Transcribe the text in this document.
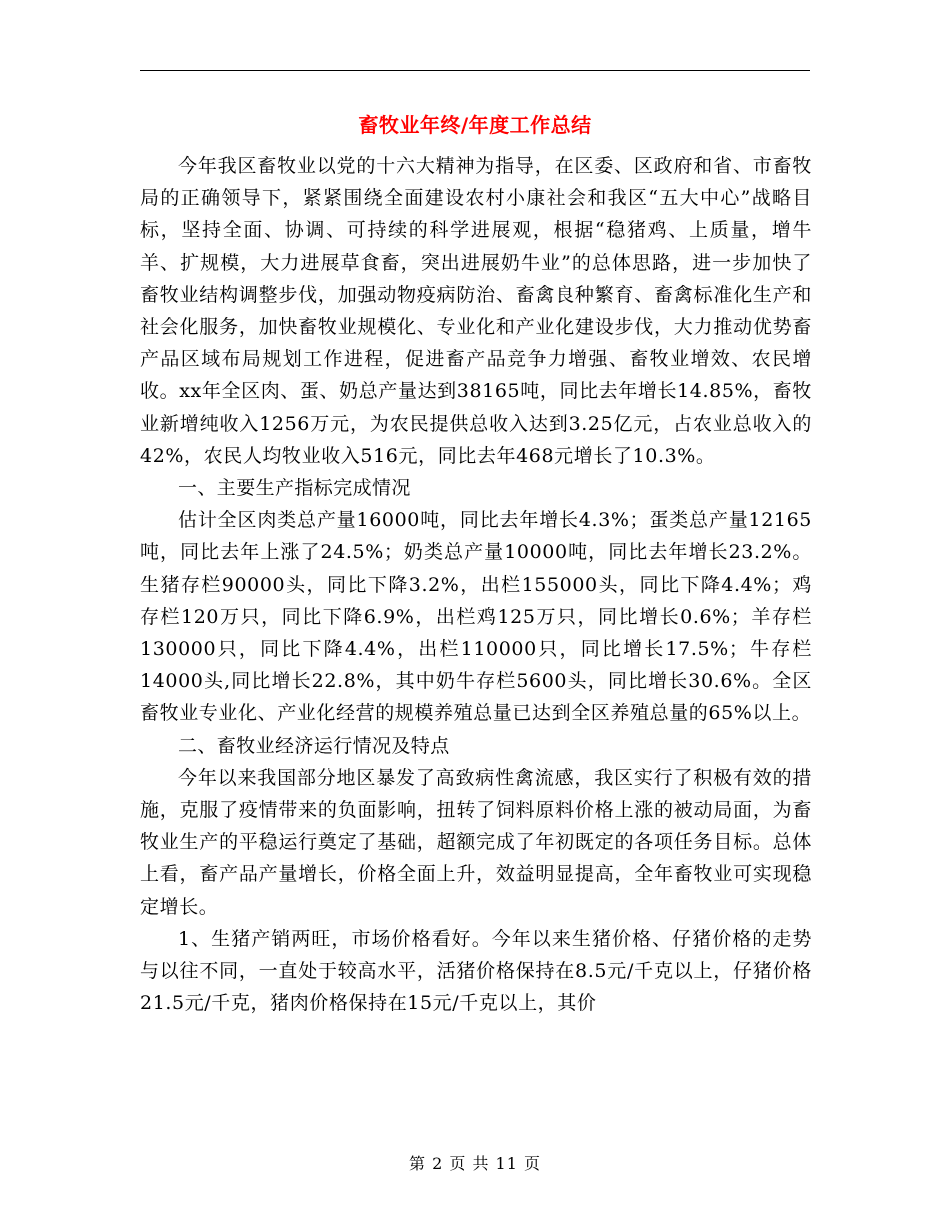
畜牧业年终/年度工作总结

今年我区畜牧业以党的十六大精神为指导，在区委、区政府和省、市畜牧局的正确领导下，紧紧围绕全面建设农村小康社会和我区“五大中心”战略目标，坚持全面、协调、可持续的科学进展观，根据“稳猪鸡、上质量，增牛羊、扩规模，大力进展草食畜，突出进展奶牛业”的总体思路，进一步加快了畜牧业结构调整步伐，加强动物疫病防治、畜禽良种繁育、畜禽标准化生产和社会化服务，加快畜牧业规模化、专业化和产业化建设步伐，大力推动优势畜产品区域布局规划工作进程，促进畜产品竞争力增强、畜牧业增效、农民增收。xx年全区肉、蛋、奶总产量达到38165吨，同比去年增长14.85%，畜牧业新增纯收入1256万元，为农民提供总收入达到3.25亿元，占农业总收入的42%，农民人均牧业收入516元，同比去年468元增长了10.3%。

一、主要生产指标完成情况

估计全区肉类总产量16000吨，同比去年增长4.3%；蛋类总产量12165吨，同比去年上涨了24.5%；奶类总产量10000吨，同比去年增长23.2%。生猪存栏90000头，同比下降3.2%，出栏155000头，同比下降4.4%；鸡存栏120万只，同比下降6.9%，出栏鸡125万只，同比增长0.6%；羊存栏130000只，同比下降4.4%，出栏110000只，同比增长17.5%；牛存栏14000头,同比增长22.8%，其中奶牛存栏5600头，同比增长30.6%。全区畜牧业专业化、产业化经营的规模养殖总量已达到全区养殖总量的65%以上。

二、畜牧业经济运行情况及特点

今年以来我国部分地区暴发了高致病性禽流感，我区实行了积极有效的措施，克服了疫情带来的负面影响，扭转了饲料原料价格上涨的被动局面，为畜牧业生产的平稳运行奠定了基础，超额完成了年初既定的各项任务目标。总体上看，畜产品产量增长，价格全面上升，效益明显提高，全年畜牧业可实现稳定增长。

1、生猪产销两旺，市场价格看好。今年以来生猪价格、仔猪价格的走势与以往不同，一直处于较高水平，活猪价格保持在8.5元/千克以上，仔猪价格21.5元/千克，猪肉价格保持在15元/千克以上，其价

第 2 页 共 11 页
